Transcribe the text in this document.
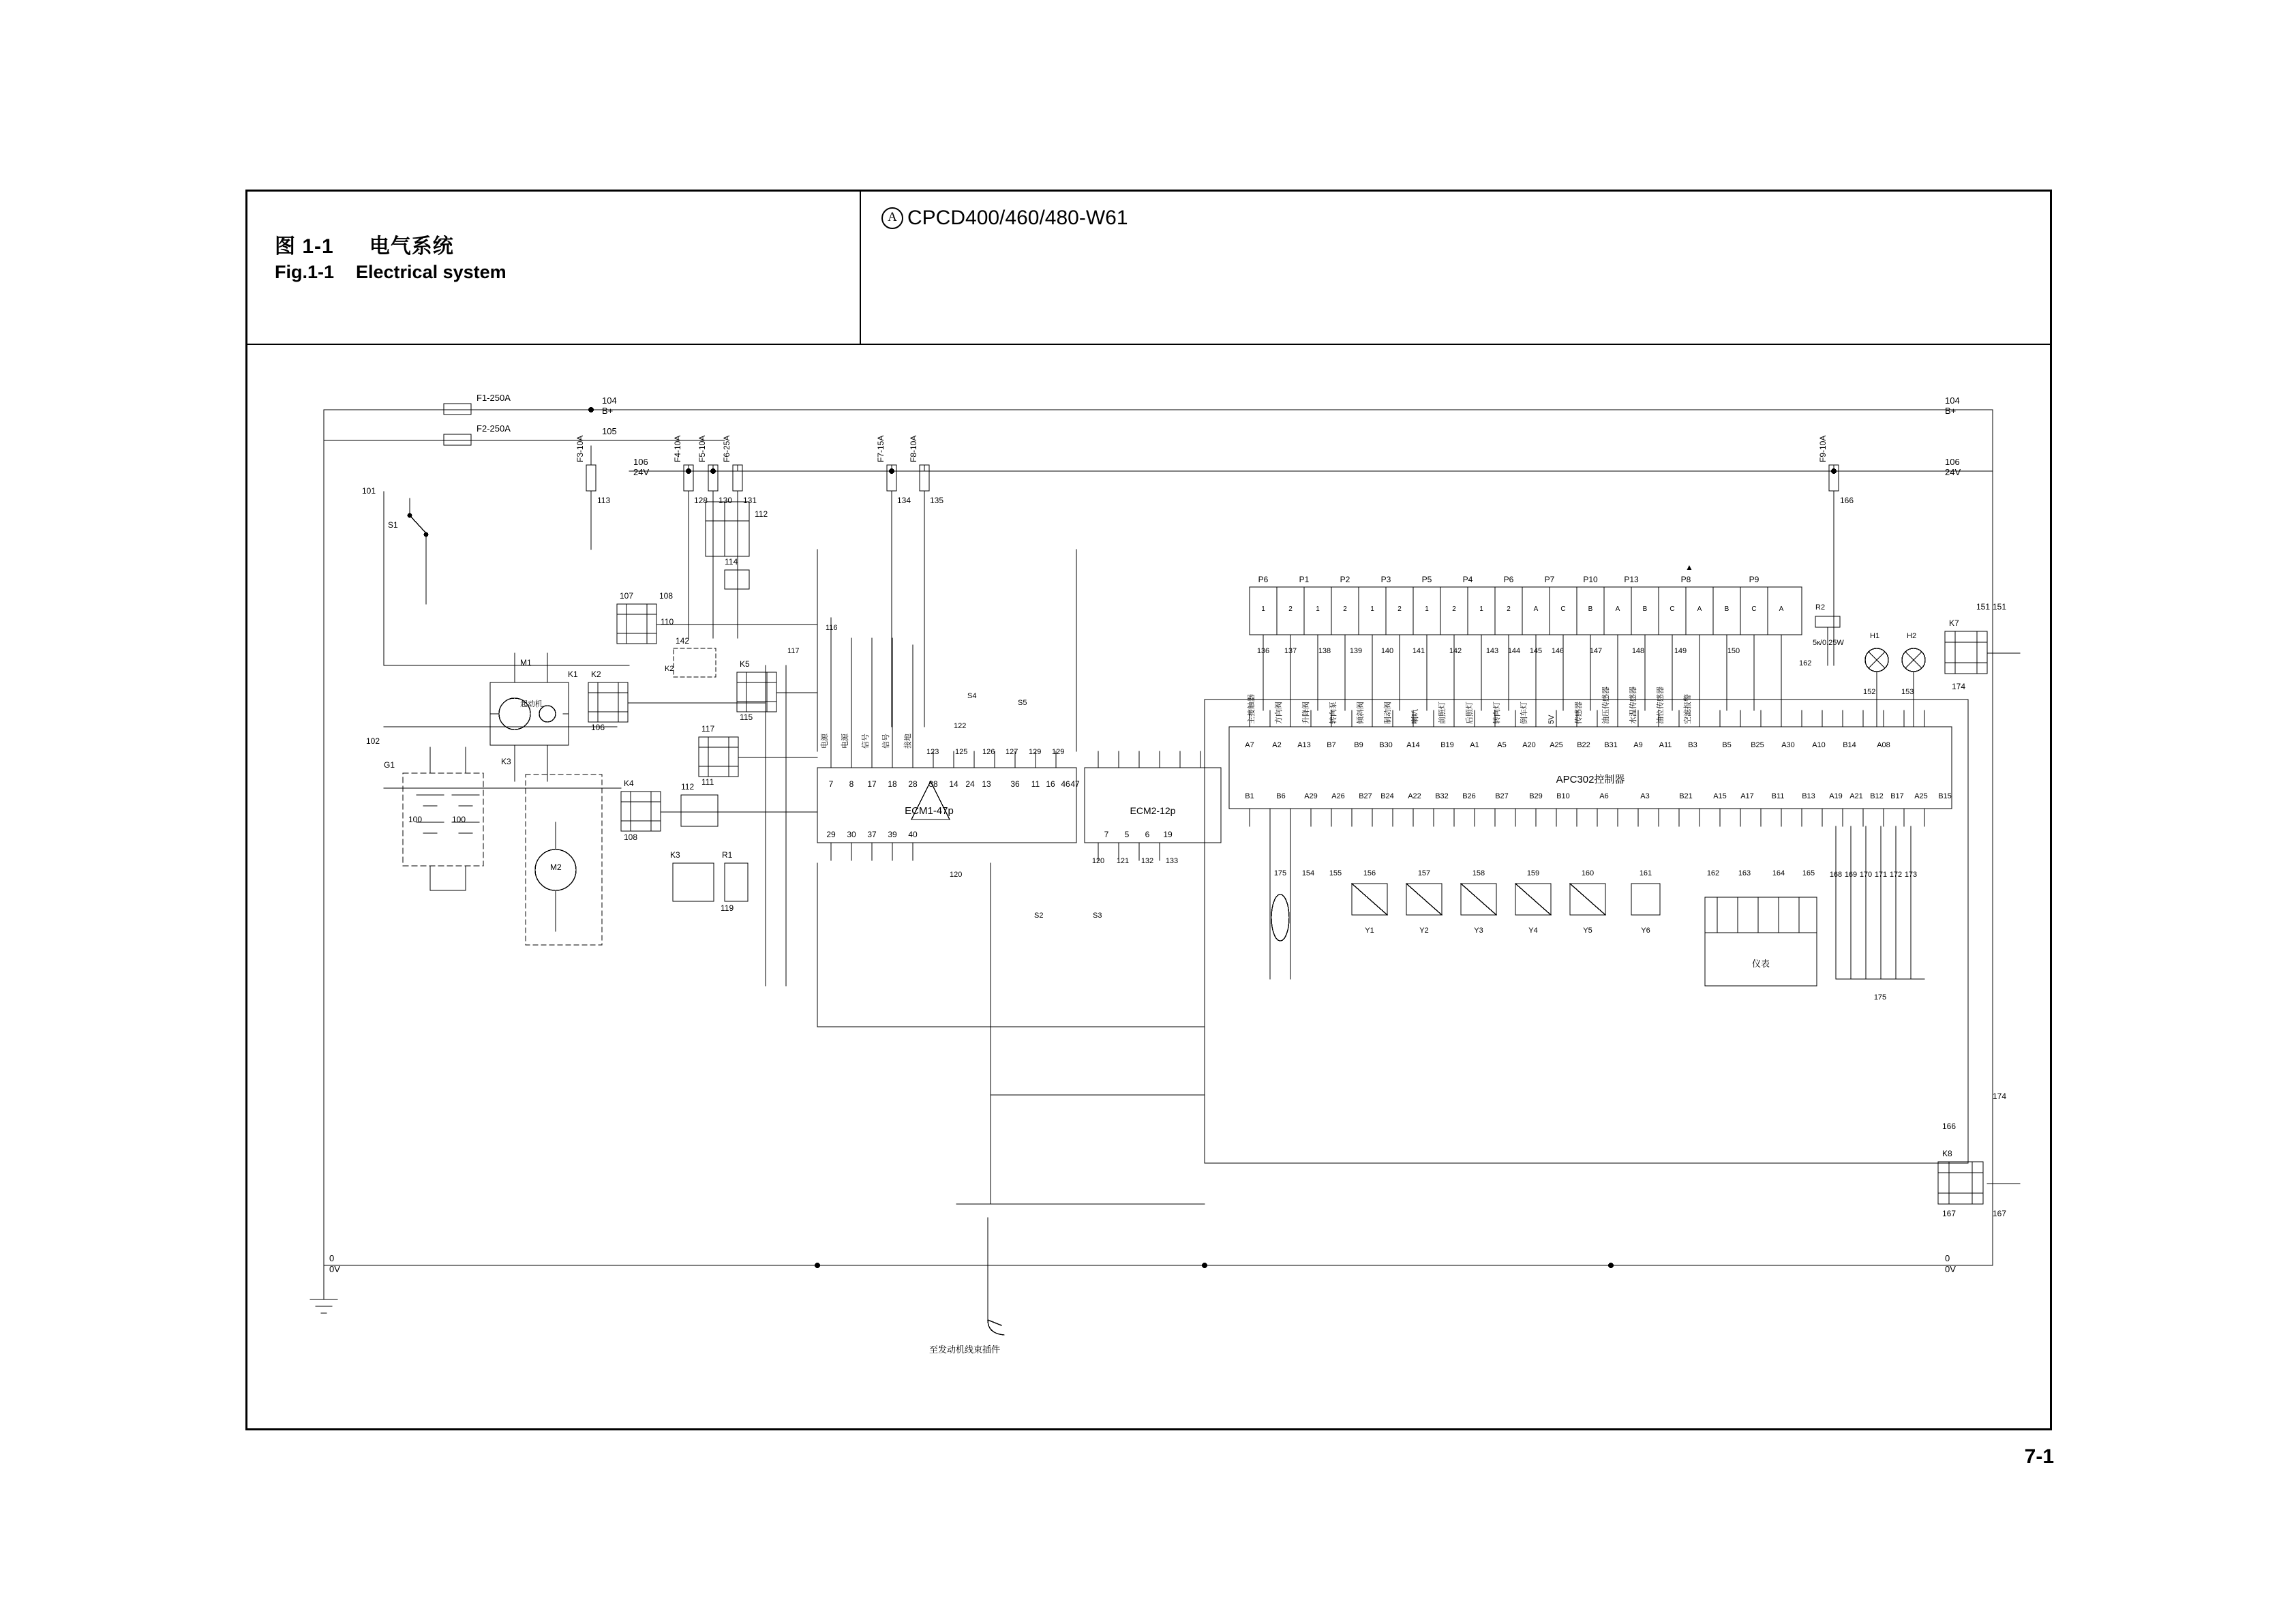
图 1-1 电气系统
Fig.1-1 Electrical system
A CPCD400/460/480-W61
ECM1-47p	ECM2-12p
APC302控制器
仪表
F1-250A
F2-250A
104
B+
105
106
24V
104
B+
106
24V
0
0V
0
0V
F3-10A	F4-10A F5-10A F6-25A	F7-15A	F8-10A	F9-10A
113	128 130 131	134 135	166
101
S1
G1
100	100
102
M1
M2
K3
起动机
107	108
110
K2
K1
106
K4
108
117
111
K5
115
142
114
112
112
K3	R1
119
7 8 17 18 28 38 14 24 13 36 11 16 46 47
29 30 37 39 40	7 5 6 19
120 121 132 133
A7 A2 A13 B7 B9 B30 A14	B19 A1 A5 A20 A25 B22 B31 A9 A11 B3	B5	B25 A30 A10 B14	A08
B1	B6 A29 A26 B27 B24 A22 B32 B26	B27	B29 B10	A6	A3	B21	A15 A17 B11 B13 A19 A21 B12 B17 A25 B15
P6	P1	P2	P3	P5	P4	P6	P7	P10	P13	P8	P9
1	2	1	2	1	2	1	2	1	2	A	C	B	A	B	C	A	B	C	A
136 137	138	139	140	141	142	143 144 145 146	147	148	149	150
R2
5к/0.25W
162
H1	H2
152	153
K7
151 151
174
K8
166
167	167
174
主接触器	方向阀	升降阀	转向泵	倾斜阀	制动阀	喇叭	前照灯	后照灯	转向灯	倒车灯	5V	传感器	油压传感器	水温传感器	油位传感器	空滤报警
电源 电源 信号 信号 接地
116
117
K2
122
S4
S5
123 125 126 127 129 129
S3
S2
120
Y1	Y2	Y3	Y4	Y5	Y6
156	157	158	159	160	161	162	163	164 165
175 154 155	168 169 170 171 172 173
175
至发动机线束插件
▲
7-1
